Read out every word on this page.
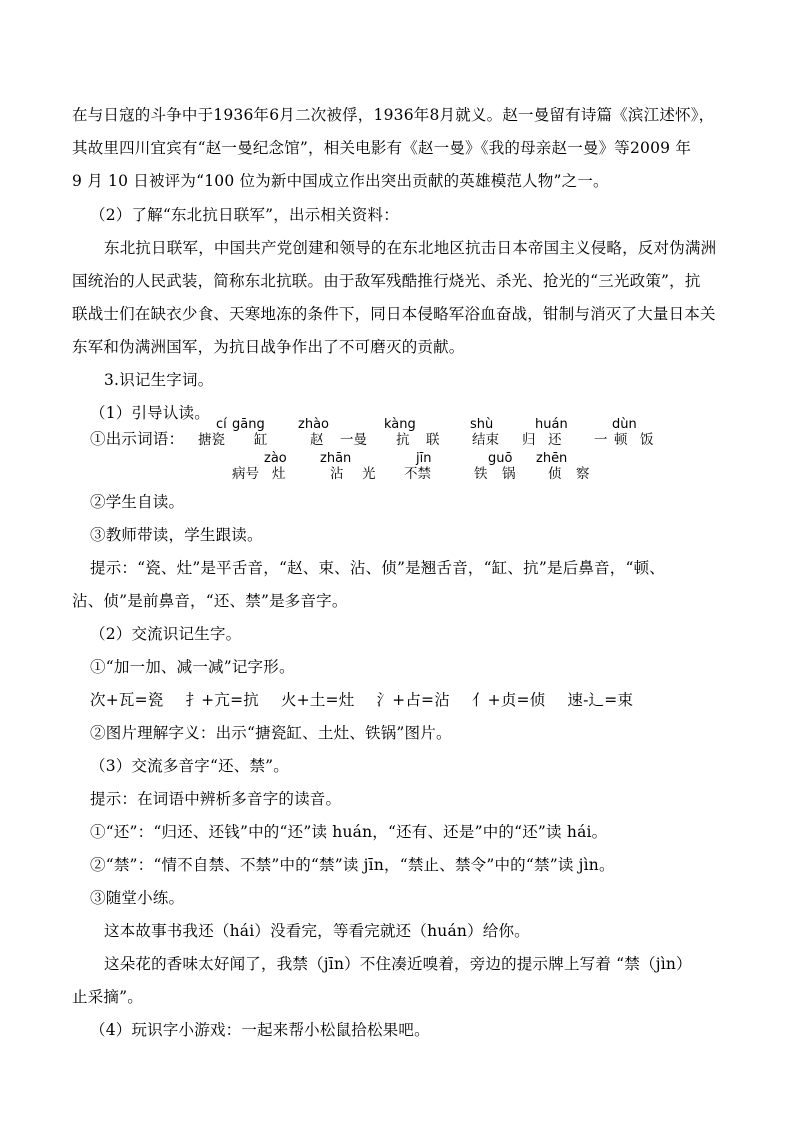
在与日寇的斗争中于1936年6月二次被俘，1936年8月就义。赵一曼留有诗篇《滨江述怀》，
其故里四川宜宾有“赵一曼纪念馆”，相关电影有《赵一曼》《我的母亲赵一曼》等2009 年
9 月 10 日被评为“100 位为新中国成立作出突出贡献的英雄模范人物”之一。
（2）了解“东北抗日联军”，出示相关资料：
东北抗日联军，中国共产党创建和领导的在东北地区抗击日本帝国主义侵略，反对伪满洲
国统治的人民武装，简称东北抗联。由于敌军残酷推行烧光、杀光、抢光的“三光政策”，抗
联战士们在缺衣少食、天寒地冻的条件下，同日本侵略军浴血奋战，钳制与消灭了大量日本关
东军和伪满洲国军，为抗日战争作出了不可磨灭的贡献。
3.识记生字词。
（1）引导认读。
cí gāng	zhào	kàng	shù	huán	dùn
①出示词语：	搪瓷 缸	赵 一曼 抗 联 结束 归 还 一 顿 饭
zào	zhān	jīn	guō zhēn
病号 灶	沾 光 不禁	铁 锅 侦 察
②学生自读。
③教师带读，学生跟读。
提示：“瓷、灶”是平舌音，“赵、束、沾、侦”是翘舌音，“缸、抗”是后鼻音，“顿、
沾、侦”是前鼻音，“还、禁”是多音字。
（2）交流识记生字。
①“加一加、减一减”记字形。
次+瓦=瓷 扌+亢=抗 火+土=灶 氵+占=沾 亻+贞=侦 速-辶=束
②图片理解字义：出示“搪瓷缸、土灶、铁锅”图片。
（3）交流多音字“还、禁”。
提示：在词语中辨析多音字的读音。
①“还”：“归还、还钱”中的“还”读 huán，“还有、还是”中的“还”读 hái。
②“禁”：“情不自禁、不禁”中的“禁”读 jīn，“禁止、禁令”中的“禁”读 jìn。
③随堂小练。
这本故事书我还（hái）没看完，等看完就还（huán）给你。
这朵花的香味太好闻了，我禁（jīn）不住凑近嗅着，旁边的提示牌上写着 “禁（jìn）
止采摘”。
（4）玩识字小游戏：一起来帮小松鼠拾松果吧。
